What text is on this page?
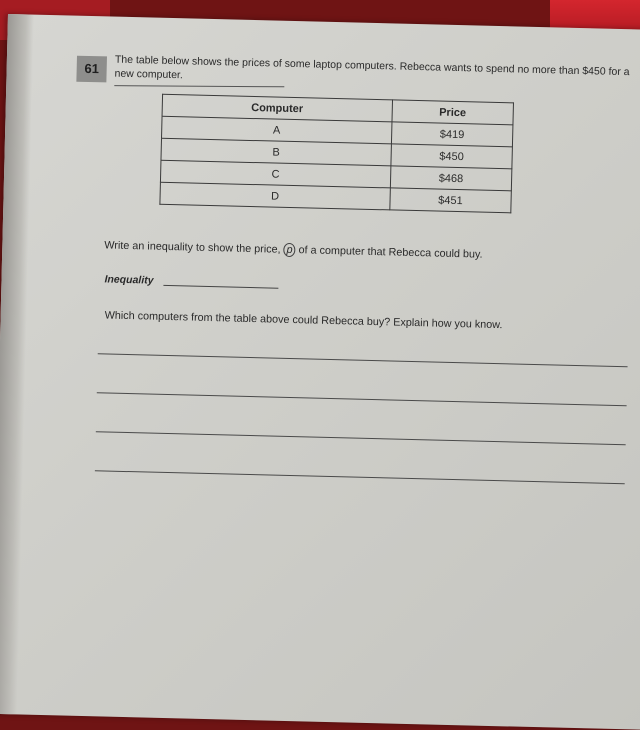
61	The table below shows the prices of some laptop computers. Rebecca wants to spend no more than $450 for a new computer.
Computer	Price
A	$419
B	$450
C	$468
D	$451
Write an inequality to show the price, p of a computer that Rebecca could buy.
Inequality
Which computers from the table above could Rebecca buy? Explain how you know.
